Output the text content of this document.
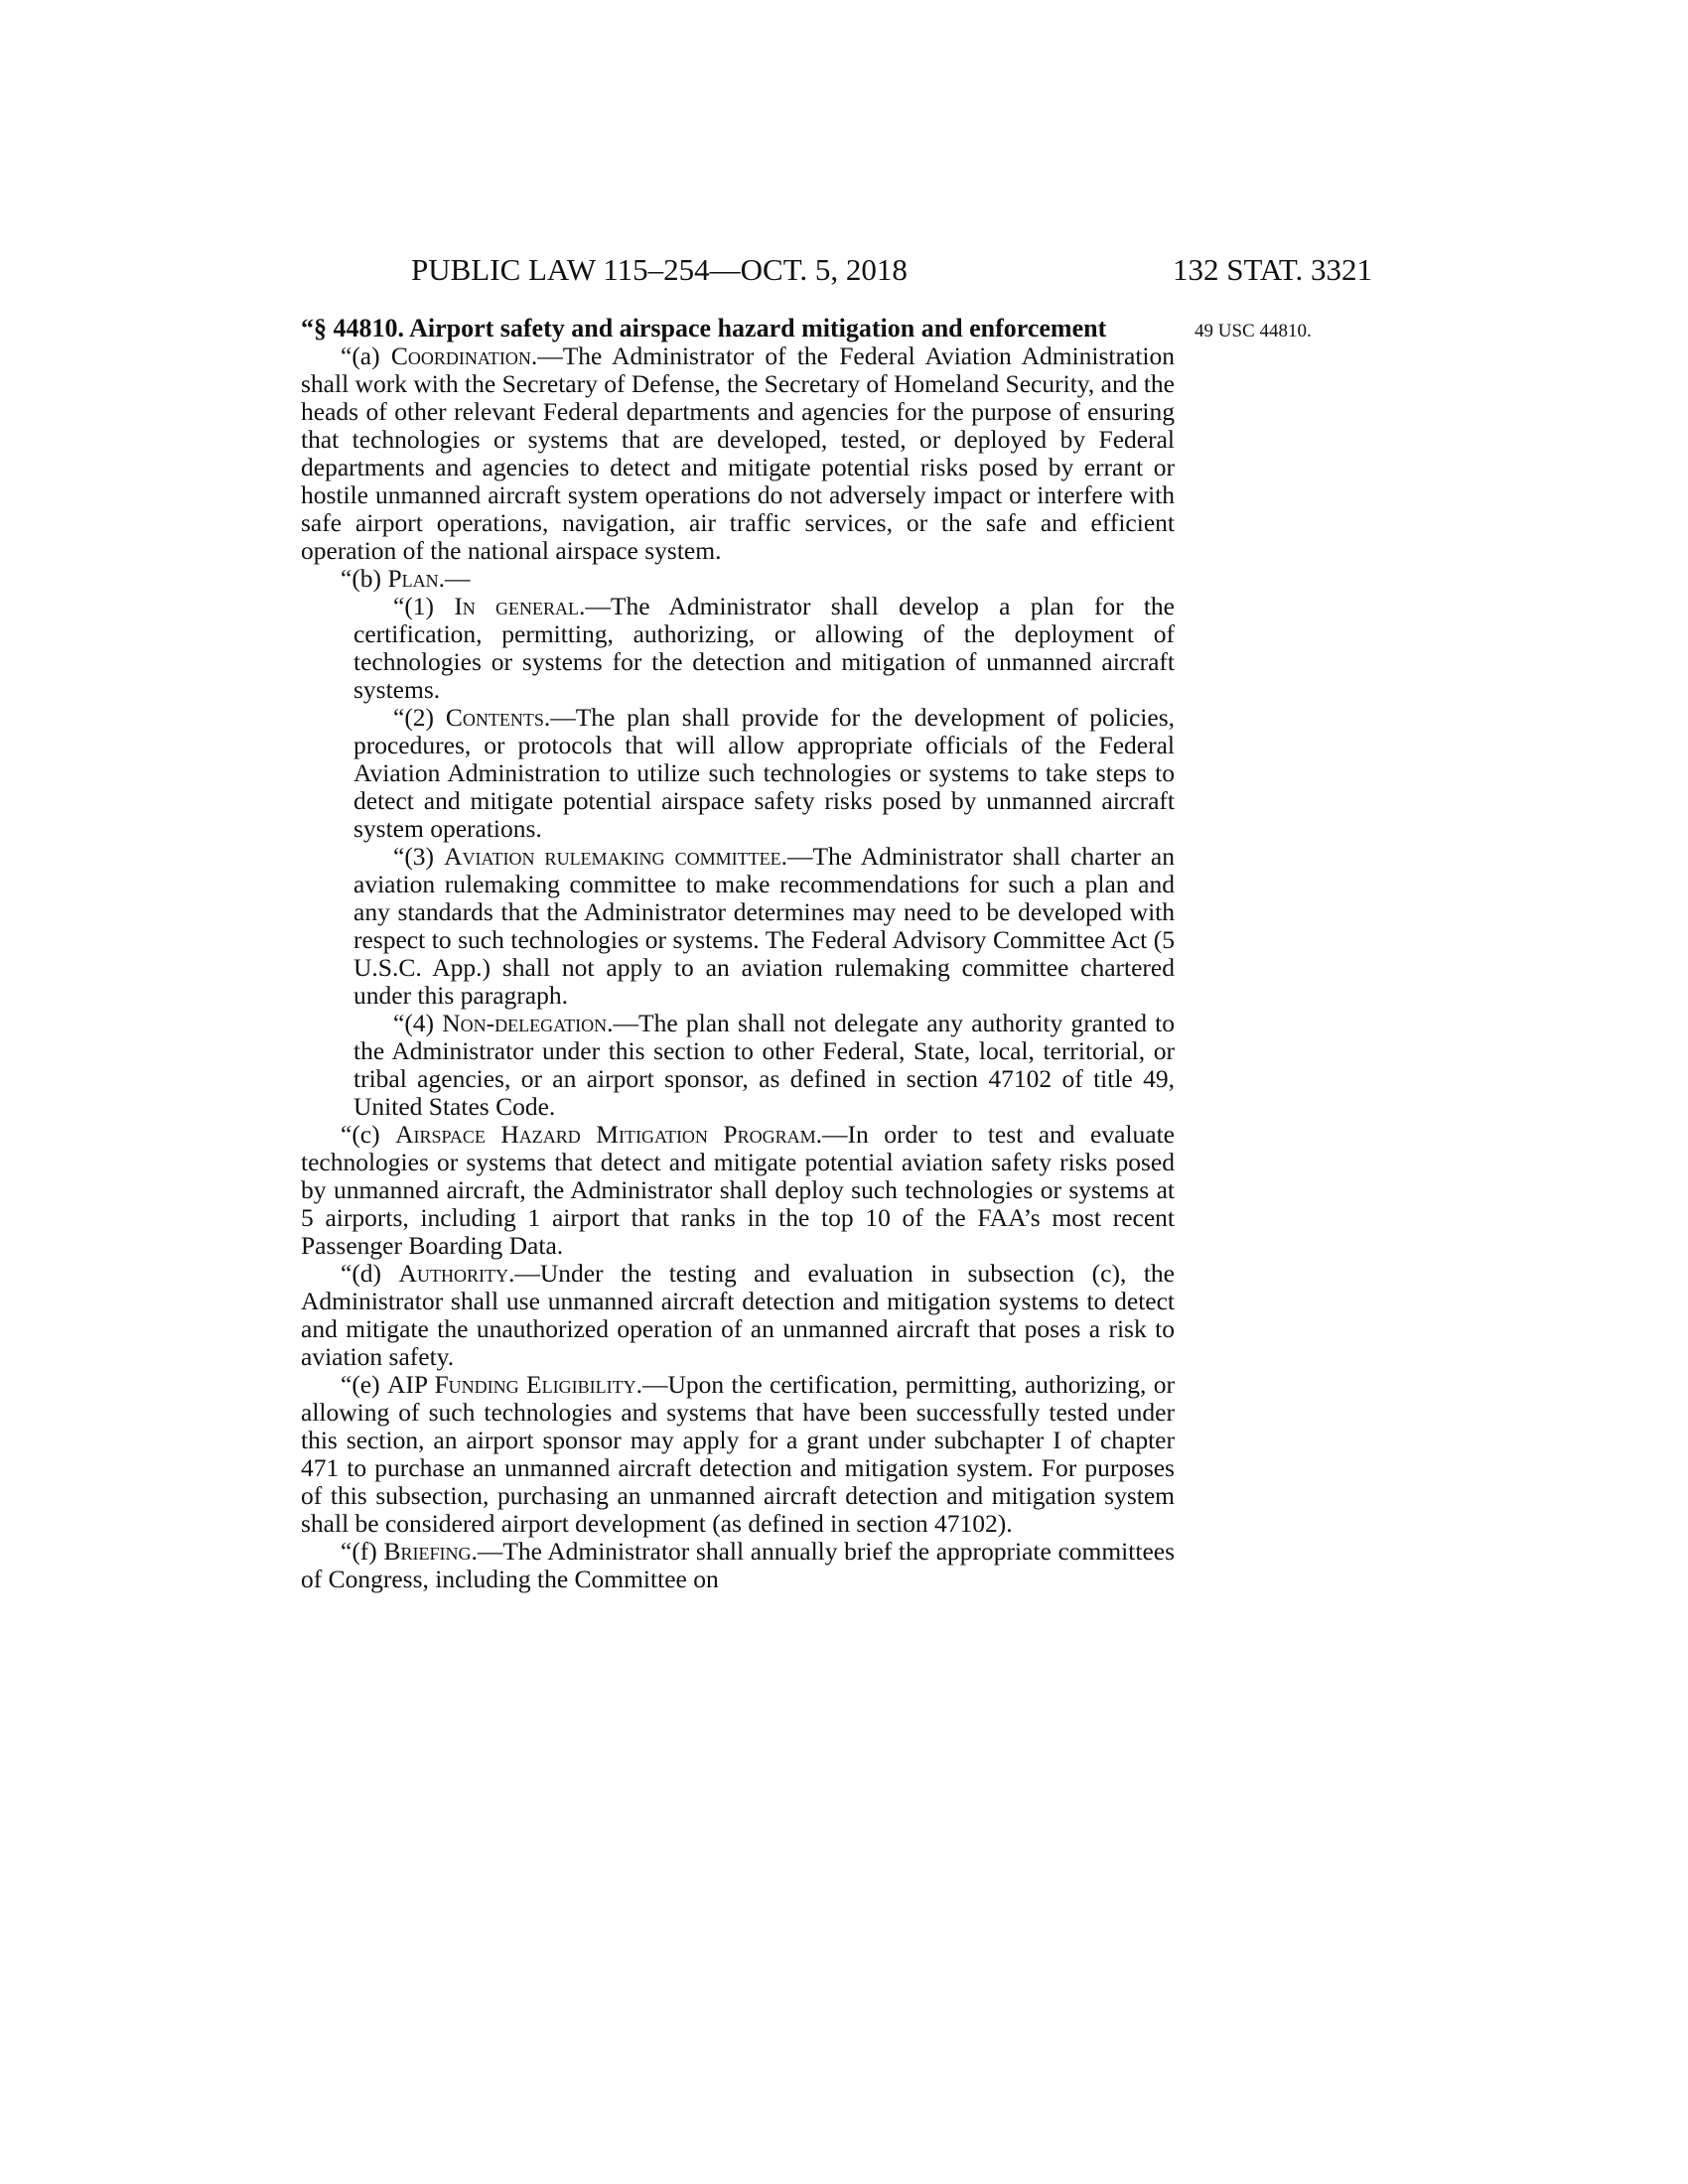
PUBLIC LAW 115–254—OCT. 5, 2018	132 STAT. 3321
49 USC 44810.

“§ 44810. Airport safety and airspace hazard mitigation and enforcement

“(a) Coordination.—The Administrator of the Federal Aviation Administration shall work with the Secretary of Defense, the Secretary of Homeland Security, and the heads of other relevant Federal departments and agencies for the purpose of ensuring that technologies or systems that are developed, tested, or deployed by Federal departments and agencies to detect and mitigate potential risks posed by errant or hostile unmanned aircraft system operations do not adversely impact or interfere with safe airport operations, navigation, air traffic services, or the safe and efficient operation of the national airspace system.

“(b) Plan.—

“(1) In general.—The Administrator shall develop a plan for the certification, permitting, authorizing, or allowing of the deployment of technologies or systems for the detection and mitigation of unmanned aircraft systems.

“(2) Contents.—The plan shall provide for the development of policies, procedures, or protocols that will allow appropriate officials of the Federal Aviation Administration to utilize such technologies or systems to take steps to detect and mitigate potential airspace safety risks posed by unmanned aircraft system operations.

“(3) Aviation rulemaking committee.—The Administrator shall charter an aviation rulemaking committee to make recommendations for such a plan and any standards that the Administrator determines may need to be developed with respect to such technologies or systems. The Federal Advisory Committee Act (5 U.S.C. App.) shall not apply to an aviation rulemaking committee chartered under this paragraph.

“(4) Non-delegation.—The plan shall not delegate any authority granted to the Administrator under this section to other Federal, State, local, territorial, or tribal agencies, or an airport sponsor, as defined in section 47102 of title 49, United States Code.

“(c) Airspace Hazard Mitigation Program.—In order to test and evaluate technologies or systems that detect and mitigate potential aviation safety risks posed by unmanned aircraft, the Administrator shall deploy such technologies or systems at 5 airports, including 1 airport that ranks in the top 10 of the FAA’s most recent Passenger Boarding Data.

“(d) Authority.—Under the testing and evaluation in subsection (c), the Administrator shall use unmanned aircraft detection and mitigation systems to detect and mitigate the unauthorized operation of an unmanned aircraft that poses a risk to aviation safety.

“(e) AIP Funding Eligibility.—Upon the certification, permitting, authorizing, or allowing of such technologies and systems that have been successfully tested under this section, an airport sponsor may apply for a grant under subchapter I of chapter 471 to purchase an unmanned aircraft detection and mitigation system. For purposes of this subsection, purchasing an unmanned aircraft detection and mitigation system shall be considered airport development (as defined in section 47102).

“(f) Briefing.—The Administrator shall annually brief the appropriate committees of Congress, including the Committee on
